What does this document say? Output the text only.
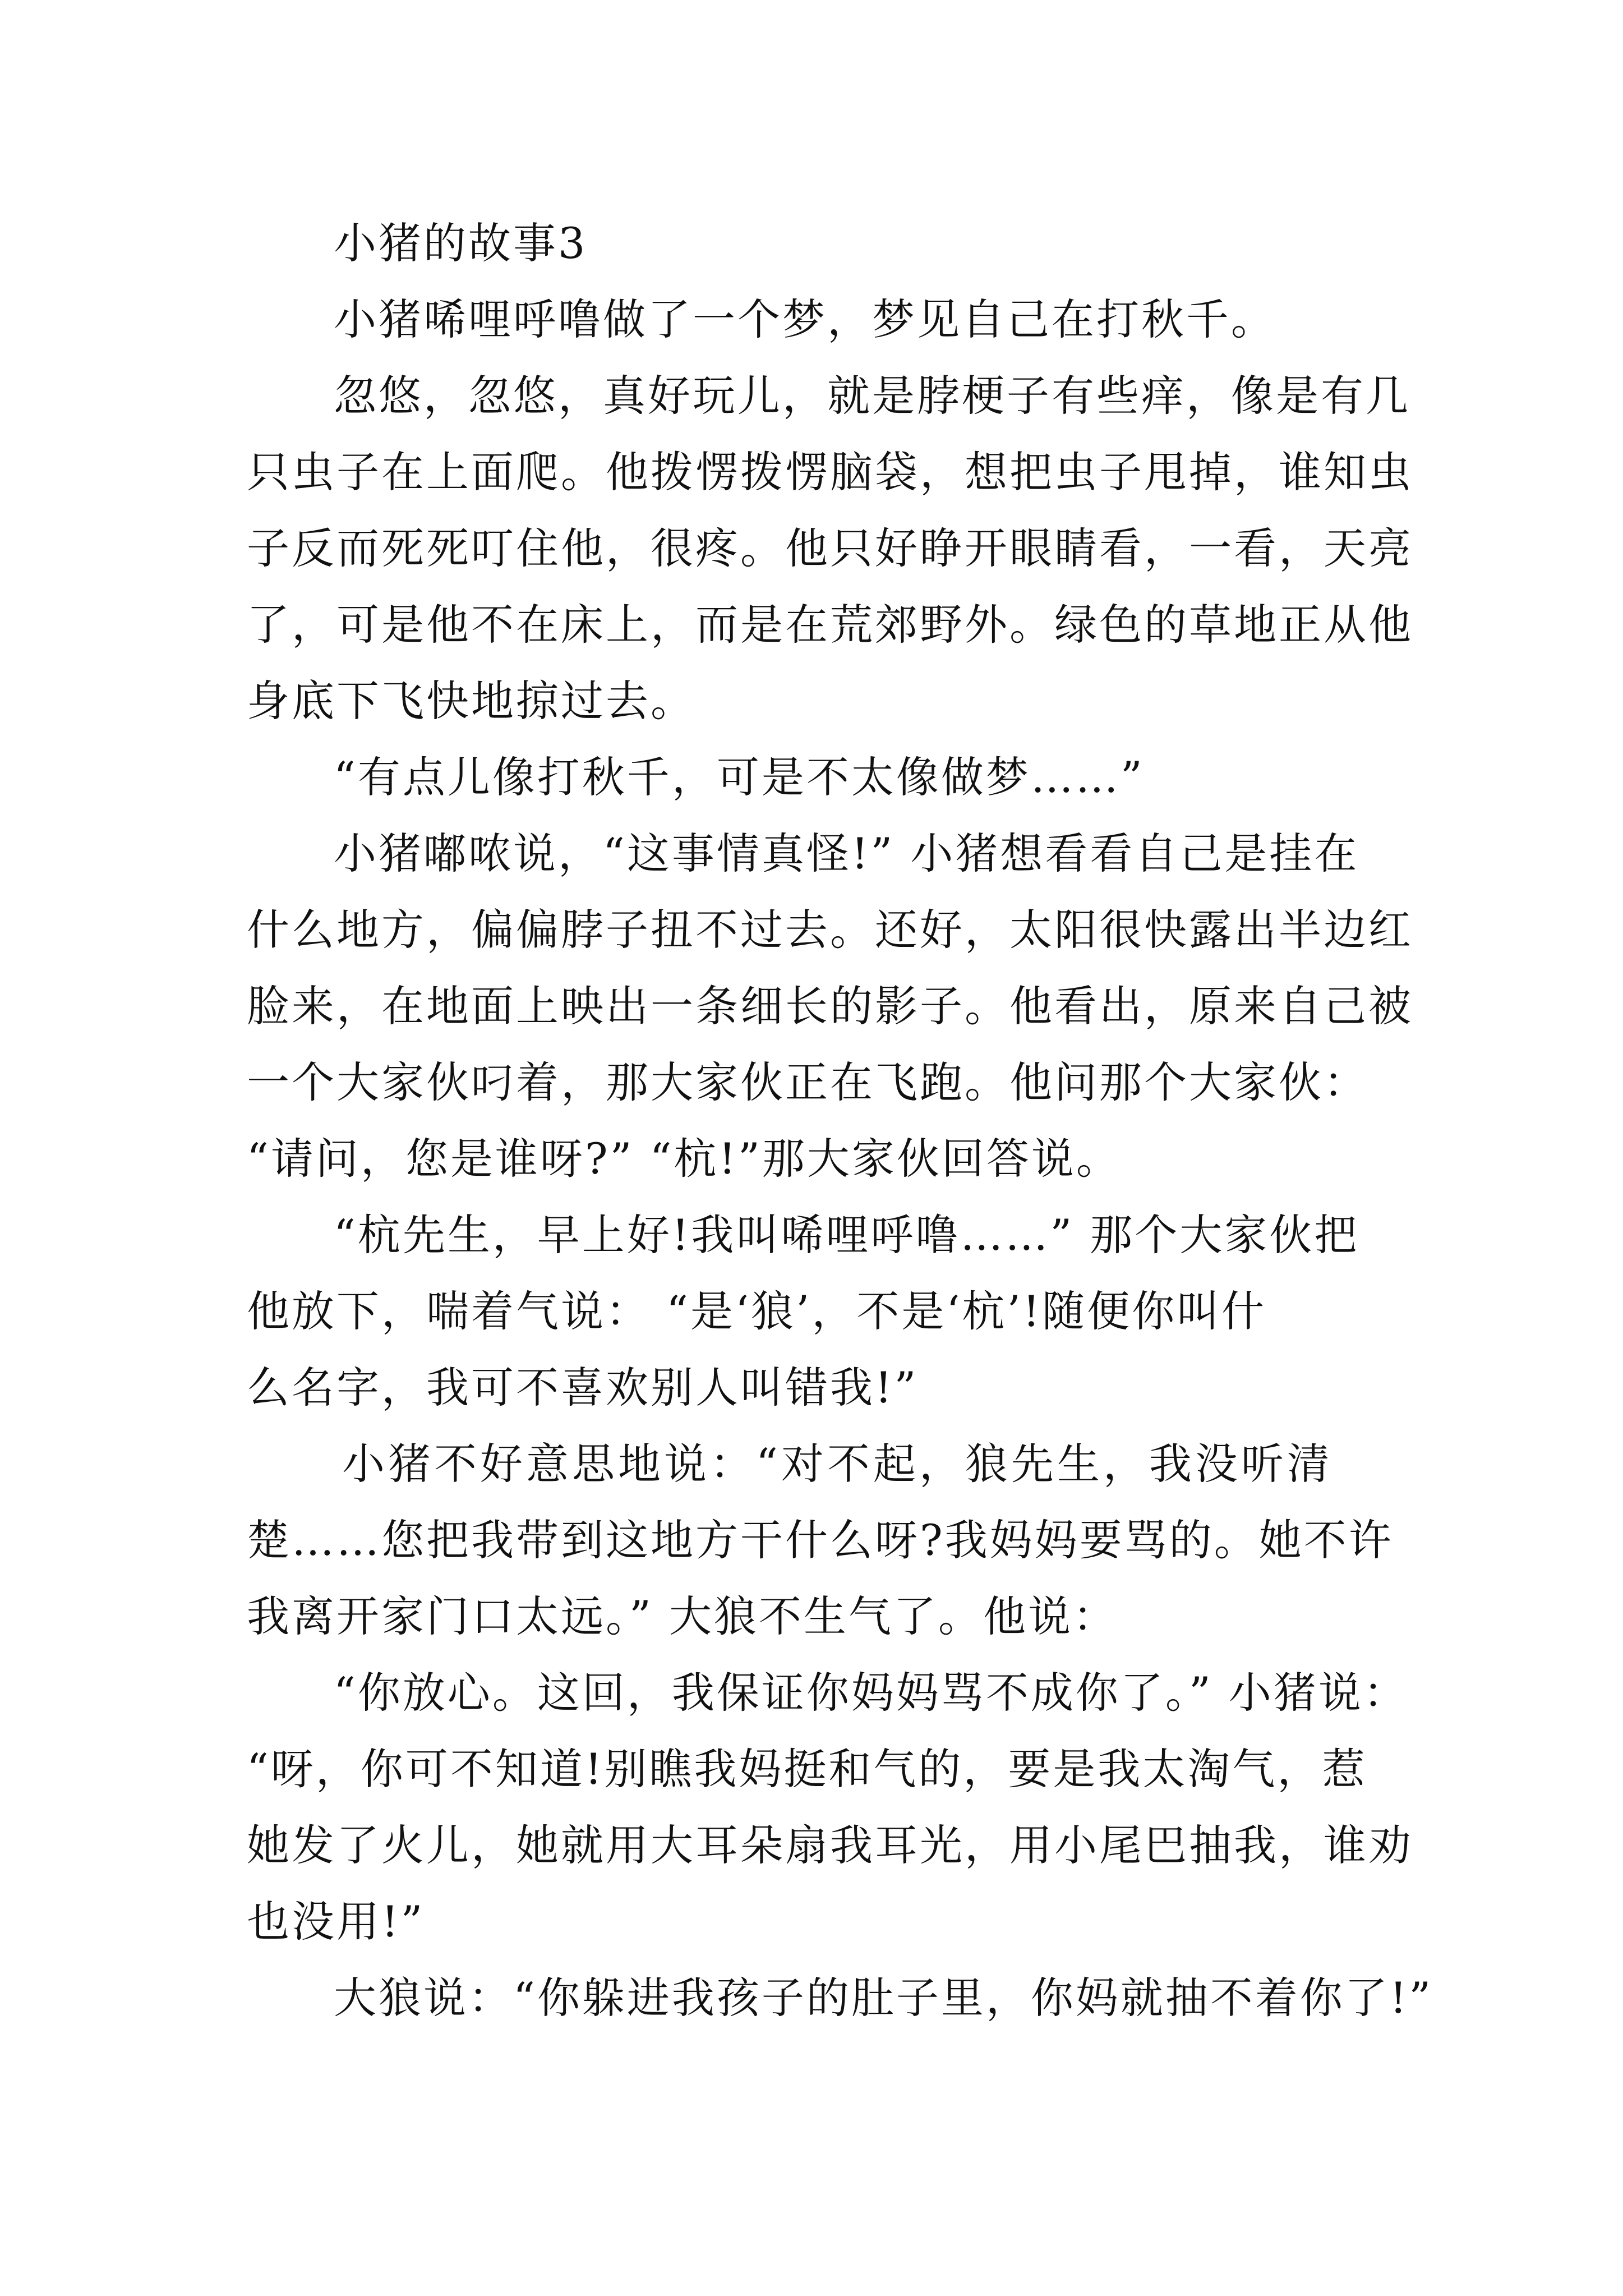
小猪的故事3

小猪唏哩呼噜做了一个梦，梦见自己在打秋千。

忽悠，忽悠，真好玩儿，就是脖梗子有些痒，像是有几

只虫子在上面爬。他拨愣拨愣脑袋，想把虫子甩掉，谁知虫

子反而死死叮住他，很疼。他只好睁开眼睛看，一看，天亮

了，可是他不在床上，而是在荒郊野外。绿色的草地正从他

身底下飞快地掠过去。

“有点儿像打秋千，可是不太像做梦……”

小猪嘟哝说，“这事情真怪!” 小猪想看看自己是挂在

什么地方，偏偏脖子扭不过去。还好，太阳很快露出半边红

脸来，在地面上映出一条细长的影子。他看出，原来自己被

一个大家伙叼着，那大家伙正在飞跑。他问那个大家伙：

“请问，您是谁呀?” “杭!”那大家伙回答说。

“杭先生，早上好!我叫唏哩呼噜……” 那个大家伙把

他放下，喘着气说： “是‘狼’，不是‘杭’!随便你叫什

么名字，我可不喜欢别人叫错我!”

小猪不好意思地说：“对不起，狼先生，我没听清

楚……您把我带到这地方干什么呀?我妈妈要骂的。她不许

我离开家门口太远。” 大狼不生气了。他说：

“你放心。这回，我保证你妈妈骂不成你了。” 小猪说：

“呀，你可不知道!别瞧我妈挺和气的，要是我太淘气，惹

她发了火儿，她就用大耳朵扇我耳光，用小尾巴抽我，谁劝

也没用!”

大狼说：“你躲进我孩子的肚子里，你妈就抽不着你了!”
